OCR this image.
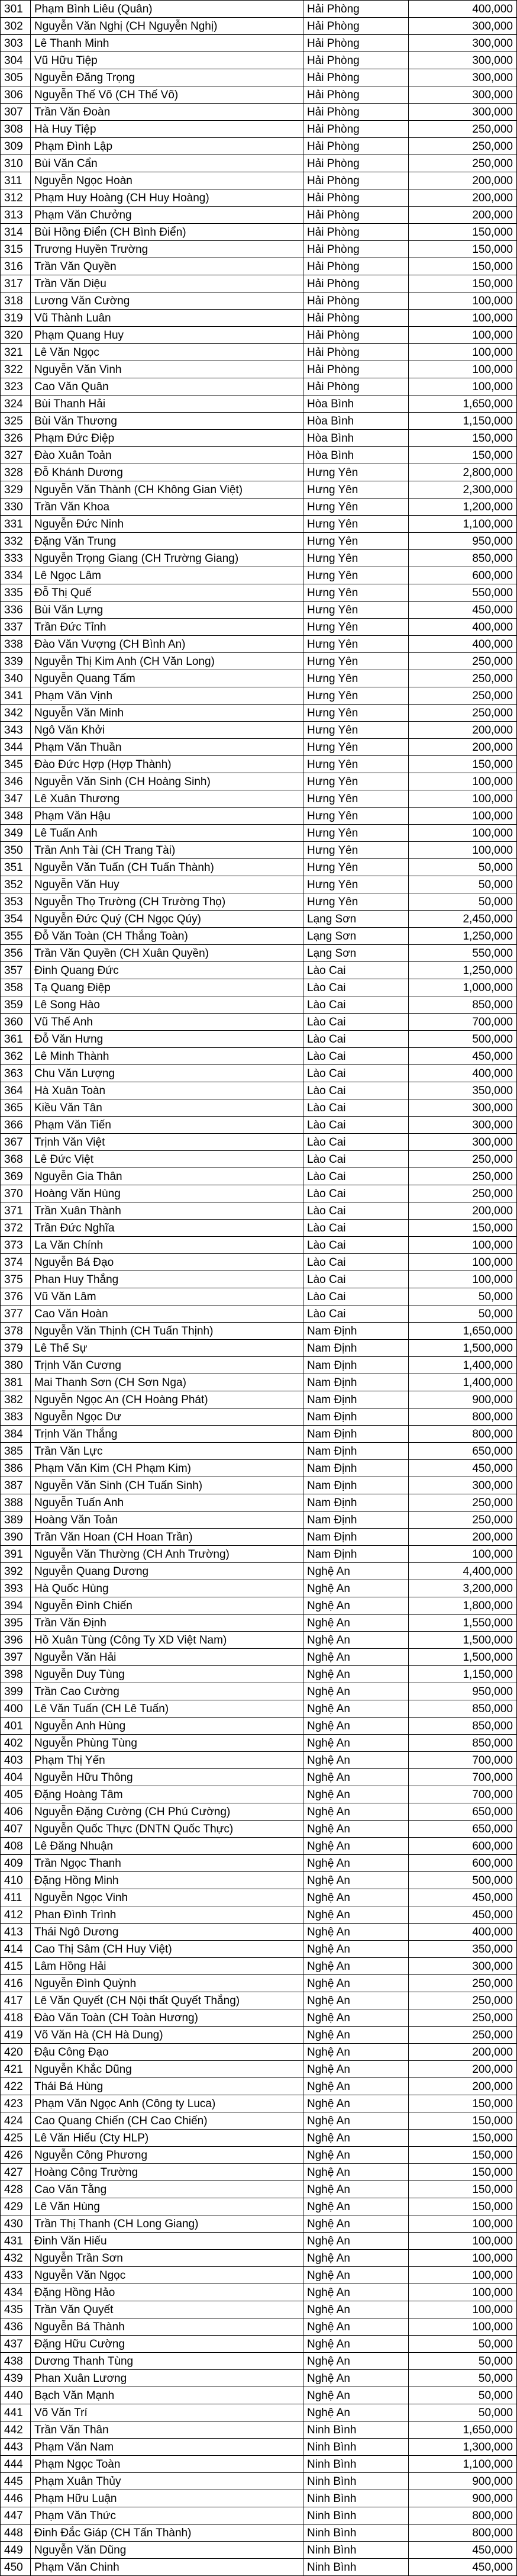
301	Phạm Bình Liêu (Quân)	Hải Phòng	400,000
302	Nguyễn Văn Nghị (CH Nguyễn Nghị)	Hải Phòng	300,000
303	Lê Thanh Minh	Hải Phòng	300,000
304	Vũ Hữu Tiệp	Hải Phòng	300,000
305	Nguyễn Đăng Trọng	Hải Phòng	300,000
306	Nguyễn Thế Võ (CH Thế Võ)	Hải Phòng	300,000
307	Trần Văn Đoàn	Hải Phòng	300,000
308	Hà Huy Tiệp	Hải Phòng	250,000
309	Phạm Đình Lập	Hải Phòng	250,000
310	Bùi Văn Cẩn	Hải Phòng	250,000
311	Nguyễn Ngọc Hoàn	Hải Phòng	200,000
312	Phạm Huy Hoàng (CH Huy Hoàng)	Hải Phòng	200,000
313	Phạm Văn Chưởng	Hải Phòng	200,000
314	Bùi Hồng Điển (CH Bình Điển)	Hải Phòng	150,000
315	Trương Huyền Trường	Hải Phòng	150,000
316	Trần Văn Quyền	Hải Phòng	150,000
317	Trần Văn Diệu	Hải Phòng	150,000
318	Lương Văn Cường	Hải Phòng	100,000
319	Vũ Thành Luân	Hải Phòng	100,000
320	Phạm Quang Huy	Hải Phòng	100,000
321	Lê Văn Ngọc	Hải Phòng	100,000
322	Nguyễn Văn Vinh	Hải Phòng	100,000
323	Cao Văn Quân	Hải Phòng	100,000
324	Bùi Thanh Hải	Hòa Bình	1,650,000
325	Bùi Văn Thương	Hòa Bình	1,150,000
326	Phạm Đức Điệp	Hòa Bình	150,000
327	Đào Xuân Toản	Hòa Bình	150,000
328	Đỗ Khánh Dương	Hưng Yên	2,800,000
329	Nguyễn Văn Thành (CH Không Gian Việt)	Hưng Yên	2,300,000
330	Trần Văn Khoa	Hưng Yên	1,200,000
331	Nguyễn Đức Ninh	Hưng Yên	1,100,000
332	Đặng Văn Trung	Hưng Yên	950,000
333	Nguyễn Trọng Giang (CH Trường Giang)	Hưng Yên	850,000
334	Lê Ngọc Lâm	Hưng Yên	600,000
335	Đỗ Thị Quế	Hưng Yên	550,000
336	Bùi Văn Lựng	Hưng Yên	450,000
337	Trần Đức Tỉnh	Hưng Yên	400,000
338	Đào Văn Vượng (CH Bình An)	Hưng Yên	400,000
339	Nguyễn Thị Kim Anh (CH Văn Long)	Hưng Yên	250,000
340	Nguyễn Quang Tấm	Hưng Yên	250,000
341	Phạm Văn Vịnh	Hưng Yên	250,000
342	Nguyễn Văn Minh	Hưng Yên	250,000
343	Ngô Văn Khởi	Hưng Yên	200,000
344	Phạm Văn Thuần	Hưng Yên	200,000
345	Đào Đức Hợp (Hợp Thành)	Hưng Yên	150,000
346	Nguyễn Văn Sinh (CH Hoàng Sinh)	Hưng Yên	100,000
347	Lê Xuân Thương	Hưng Yên	100,000
348	Phạm Văn Hậu	Hưng Yên	100,000
349	Lê Tuấn Anh	Hưng Yên	100,000
350	Trần Anh Tài (CH Trang Tài)	Hưng Yên	100,000
351	Nguyễn Văn Tuấn (CH Tuấn Thành)	Hưng Yên	50,000
352	Nguyễn Văn Huy	Hưng Yên	50,000
353	Nguyễn Thọ Trường (CH Trường Thọ)	Hưng Yên	50,000
354	Nguyễn Đức Quý (CH Ngọc Qúy)	Lạng Sơn	2,450,000
355	Đỗ Văn Toàn (CH Thắng Toàn)	Lạng Sơn	1,250,000
356	Trần Văn Quyền (CH Xuân Quyền)	Lạng Sơn	550,000
357	Đinh Quang Đức	Lào Cai	1,250,000
358	Tạ Quang Điệp	Lào Cai	1,000,000
359	Lê Song Hào	Lào Cai	850,000
360	Vũ Thế Anh	Lào Cai	700,000
361	Đỗ Văn Hưng	Lào Cai	500,000
362	Lê Minh Thành	Lào Cai	450,000
363	Chu Văn Lượng	Lào Cai	400,000
364	Hà Xuân Toàn	Lào Cai	350,000
365	Kiều Văn Tân	Lào Cai	300,000
366	Phạm Văn Tiến	Lào Cai	300,000
367	Trịnh Văn Việt	Lào Cai	300,000
368	Lê Đức Việt	Lào Cai	250,000
369	Nguyễn Gia Thân	Lào Cai	250,000
370	Hoàng Văn Hùng	Lào Cai	250,000
371	Trần Xuân Thành	Lào Cai	200,000
372	Trần Đức Nghĩa	Lào Cai	150,000
373	La Văn Chính	Lào Cai	100,000
374	Nguyễn Bá Đạo	Lào Cai	100,000
375	Phan Huy Thắng	Lào Cai	100,000
376	Vũ Văn Lâm	Lào Cai	50,000
377	Cao Văn Hoàn	Lào Cai	50,000
378	Nguyễn Văn Thịnh (CH Tuấn Thịnh)	Nam Định	1,650,000
379	Lê Thế Sự	Nam Định	1,500,000
380	Trịnh Văn Cương	Nam Định	1,400,000
381	Mai Thanh Sơn (CH Sơn Nga)	Nam Định	1,400,000
382	Nguyễn Ngọc An (CH Hoàng Phát)	Nam Định	900,000
383	Nguyễn Ngọc Dư	Nam Định	800,000
384	Trịnh Văn Thắng	Nam Định	800,000
385	Trần Văn Lực	Nam Định	650,000
386	Phạm Văn Kim (CH Phạm Kim)	Nam Định	450,000
387	Nguyễn Văn Sinh (CH Tuấn Sinh)	Nam Định	300,000
388	Nguyễn Tuấn Anh	Nam Định	250,000
389	Hoàng Văn Toản	Nam Định	250,000
390	Trần Văn Hoan (CH Hoan Trần)	Nam Định	200,000
391	Nguyễn Văn Thường (CH Anh Trường)	Nam Định	100,000
392	Nguyễn Quang Dương	Nghệ An	4,400,000
393	Hà Quốc Hùng	Nghệ An	3,200,000
394	Nguyễn Đình Chiến	Nghệ An	1,800,000
395	Trần Văn Định	Nghệ An	1,550,000
396	Hồ Xuân Tùng (Công Ty XD Việt Nam)	Nghệ An	1,500,000
397	Nguyễn Văn Hải	Nghệ An	1,500,000
398	Nguyễn Duy Tùng	Nghệ An	1,150,000
399	Trần Cao Cường	Nghệ An	950,000
400	Lê Văn Tuấn (CH Lê Tuấn)	Nghệ An	850,000
401	Nguyễn Anh Hùng	Nghệ An	850,000
402	Nguyễn Phùng Tùng	Nghệ An	850,000
403	Phạm Thị Yến	Nghệ An	700,000
404	Nguyễn Hữu Thông	Nghệ An	700,000
405	Đặng Hoàng Tâm	Nghệ An	700,000
406	Nguyễn Đặng Cường (CH Phú Cường)	Nghệ An	650,000
407	Nguyễn Quốc Thực (DNTN Quốc Thực)	Nghệ An	650,000
408	Lê Đăng Nhuận	Nghệ An	600,000
409	Trần Ngọc Thanh	Nghệ An	600,000
410	Đặng Hồng Minh	Nghệ An	500,000
411	Nguyễn Ngọc Vinh	Nghệ An	450,000
412	Phan Đình Trình	Nghệ An	450,000
413	Thái Ngô Dương	Nghệ An	400,000
414	Cao Thị Sâm (CH Huy Việt)	Nghệ An	350,000
415	Lâm Hồng Hải	Nghệ An	300,000
416	Nguyễn Đình Quỳnh	Nghệ An	250,000
417	Lê Văn Quyết (CH Nội thất Quyết Thắng)	Nghệ An	250,000
418	Đào Văn Toàn (CH Toàn Hương)	Nghệ An	250,000
419	Võ Văn Hà (CH Hà Dung)	Nghệ An	250,000
420	Đậu Công Đạo	Nghệ An	200,000
421	Nguyễn Khắc Dũng	Nghệ An	200,000
422	Thái Bá Hùng	Nghệ An	200,000
423	Phạm Văn Ngọc Anh (Công ty Luca)	Nghệ An	150,000
424	Cao Quang Chiến (CH Cao Chiến)	Nghệ An	150,000
425	Lê Văn Hiếu (Cty HLP)	Nghệ An	150,000
426	Nguyễn Công Phương	Nghệ An	150,000
427	Hoàng Công Trường	Nghệ An	150,000
428	Cao Văn Tằng	Nghệ An	150,000
429	Lê Văn Hùng	Nghệ An	150,000
430	Trần Thị Thanh (CH Long Giang)	Nghệ An	100,000
431	Đinh Văn Hiếu	Nghệ An	100,000
432	Nguyễn Trần Sơn	Nghệ An	100,000
433	Nguyễn Văn Ngọc	Nghệ An	100,000
434	Đặng Hồng Hảo	Nghệ An	100,000
435	Trần Văn Quyết	Nghệ An	100,000
436	Nguyễn Bá Thành	Nghệ An	100,000
437	Đặng Hữu Cường	Nghệ An	50,000
438	Dương Thanh Tùng	Nghệ An	50,000
439	Phan Xuân Lương	Nghệ An	50,000
440	Bạch Văn Mạnh	Nghệ An	50,000
441	Võ Văn Trí	Nghệ An	50,000
442	Trần Văn Thân	Ninh Bình	1,650,000
443	Phạm Văn Nam	Ninh Bình	1,300,000
444	Phạm Ngọc Toàn	Ninh Bình	1,100,000
445	Phạm Xuân Thủy	Ninh Bình	900,000
446	Phạm Hữu Luận	Ninh Bình	900,000
447	Phạm Văn Thức	Ninh Bình	800,000
448	Đinh Đắc Giáp (CH Tấn Thành)	Ninh Bình	800,000
449	Nguyễn Văn Dũng	Ninh Bình	450,000
450	Phạm Văn Chinh	Ninh Bình	450,000
